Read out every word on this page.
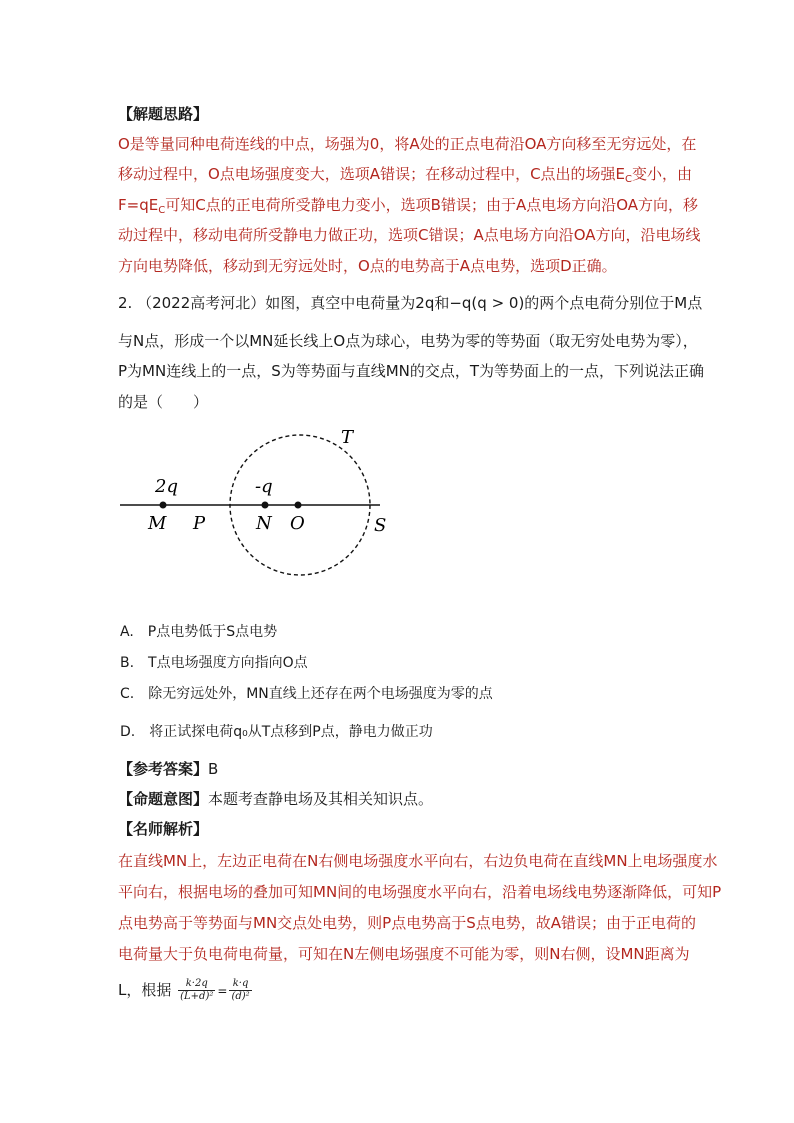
【解题思路】
O是等量同种电荷连线的中点，场强为0，将A处的正点电荷沿OA方向移至无穷远处，在
移动过程中，O点电场强度变大，选项A错误；在移动过程中，C点出的场强$E_C$变小，由
$F=qE_C$可知C点的正电荷所受静电力变小，选项B错误；由于A点电场方向沿OA方向，移
动过程中，移动电荷所受静电力做正功，选项C错误；A点电场方向沿OA方向，沿电场线
方向电势降低，移动到无穷远处时，O点的电势高于A点电势，选项D正确。
2. （2022高考河北）如图，真空中电荷量为2q和−q(q > 0)的两个点电荷分别位于M点
与N点，形成一个以MN延长线上O点为球心，电势为零的等势面（取无穷处电势为零），
P为MN连线上的一点，S为等势面与直线MN的交点，T为等势面上的一点，下列说法正确
的是（　　）
2q	-q
M P	N O	S
T
A.　P点电势低于S点电势
B.　T点电场强度方向指向O点
C.　除无穷远处外，MN直线上还存在两个电场强度为零的点
D.　将正试探电荷q₀从T点移到P点，静电力做正功
【参考答案】B
【命题意图】本题考查静电场及其相关知识点。
【名师解析】
在直线MN上，左边正电荷在N右侧电场强度水平向右，右边负电荷在直线MN上电场强度水
平向右，根据电场的叠加可知MN间的电场强度水平向右，沿着电场线电势逐渐降低，可知P
点电势高于等势面与MN交点处电势，则P点电势高于S点电势，故A错误；由于正电荷的
电荷量大于负电荷电荷量，可知在N左侧电场强度不可能为零，则N右侧，设MN距离为
L，根据 $\frac{k\cdot 2q}{\text{(L+d)²}} = \frac{k\cdot q}{\text{(d)²}}$
